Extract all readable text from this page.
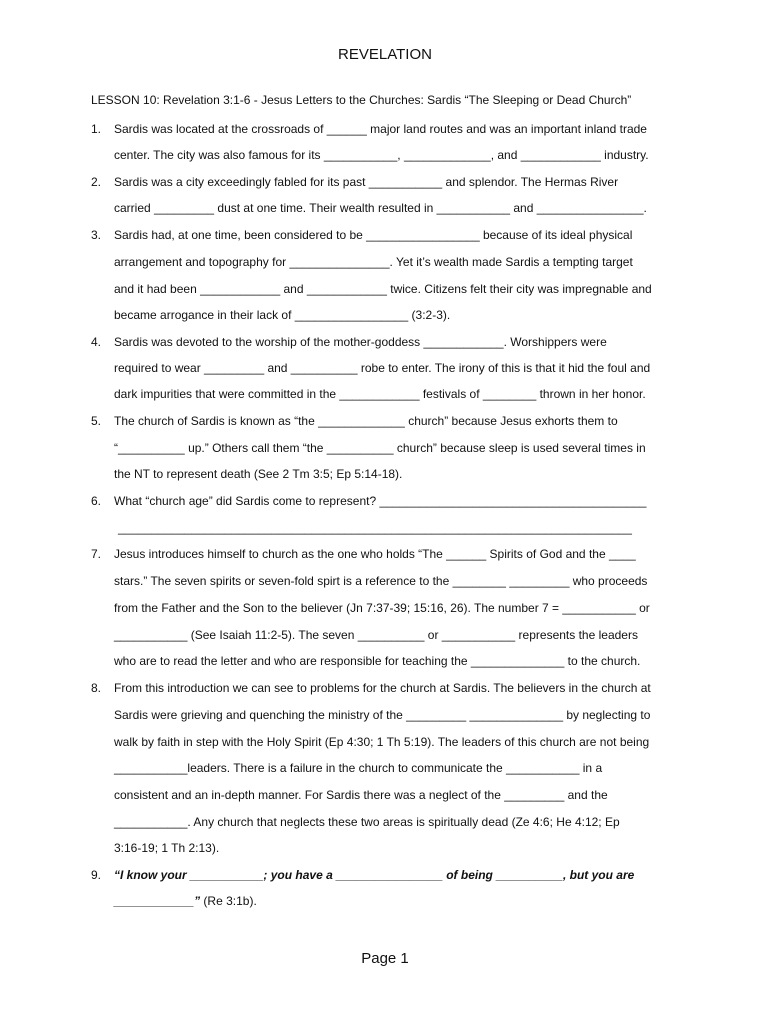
REVELATION
LESSON 10: Revelation 3:1-6 - Jesus Letters to the Churches: Sardis “The Sleeping or Dead Church”
1. Sardis was located at the crossroads of ______ major land routes and was an important inland trade
center. The city was also famous for its ___________, _____________, and ____________ industry.
2. Sardis was a city exceedingly fabled for its past ___________ and splendor. The Hermas River
carried _________ dust at one time. Their wealth resulted in ___________ and ________________.
3. Sardis had, at one time, been considered to be _________________ because of its ideal physical
arrangement and topography for _______________. Yet it’s wealth made Sardis a tempting target
and it had been ____________ and ____________ twice. Citizens felt their city was impregnable and
became arrogance in their lack of _________________ (3:2-3).
4. Sardis was devoted to the worship of the mother-goddess ____________. Worshippers were
required to wear _________ and __________ robe to enter. The irony of this is that it hid the foul and
dark impurities that were committed in the ____________ festivals of ________ thrown in her honor.
5. The church of Sardis is known as “the _____________ church” because Jesus exhorts them to
“__________ up.” Others call them “the __________ church” because sleep is used several times in
the NT to represent death (See 2 Tm 3:5; Ep 5:14-18).
6. What “church age” did Sardis come to represent? ________________________________________
_____________________________________________________________________________
7. Jesus introduces himself to church as the one who holds “The ______ Spirits of God and the ____
stars.” The seven spirits or seven-fold spirt is a reference to the ________ _________ who proceeds
from the Father and the Son to the believer (Jn 7:37-39; 15:16, 26). The number 7 = ___________ or
___________ (See Isaiah 11:2-5). The seven __________ or ___________ represents the leaders
who are to read the letter and who are responsible for teaching the ______________ to the church.
8. From this introduction we can see to problems for the church at Sardis. The believers in the church at
Sardis were grieving and quenching the ministry of the _________ ______________ by neglecting to
walk by faith in step with the Holy Spirit (Ep 4:30; 1 Th 5:19). The leaders of this church are not being
___________leaders. There is a failure in the church to communicate the ___________ in a
consistent and an in-depth manner. For Sardis there was a neglect of the _________ and the
___________. Any church that neglects these two areas is spiritually dead (Ze 4:6; He 4:12; Ep
3:16-19; 1 Th 2:13).
9. “I know your ___________; you have a ________________ of being __________, but you are
____________” (Re 3:1b).
Page 1
